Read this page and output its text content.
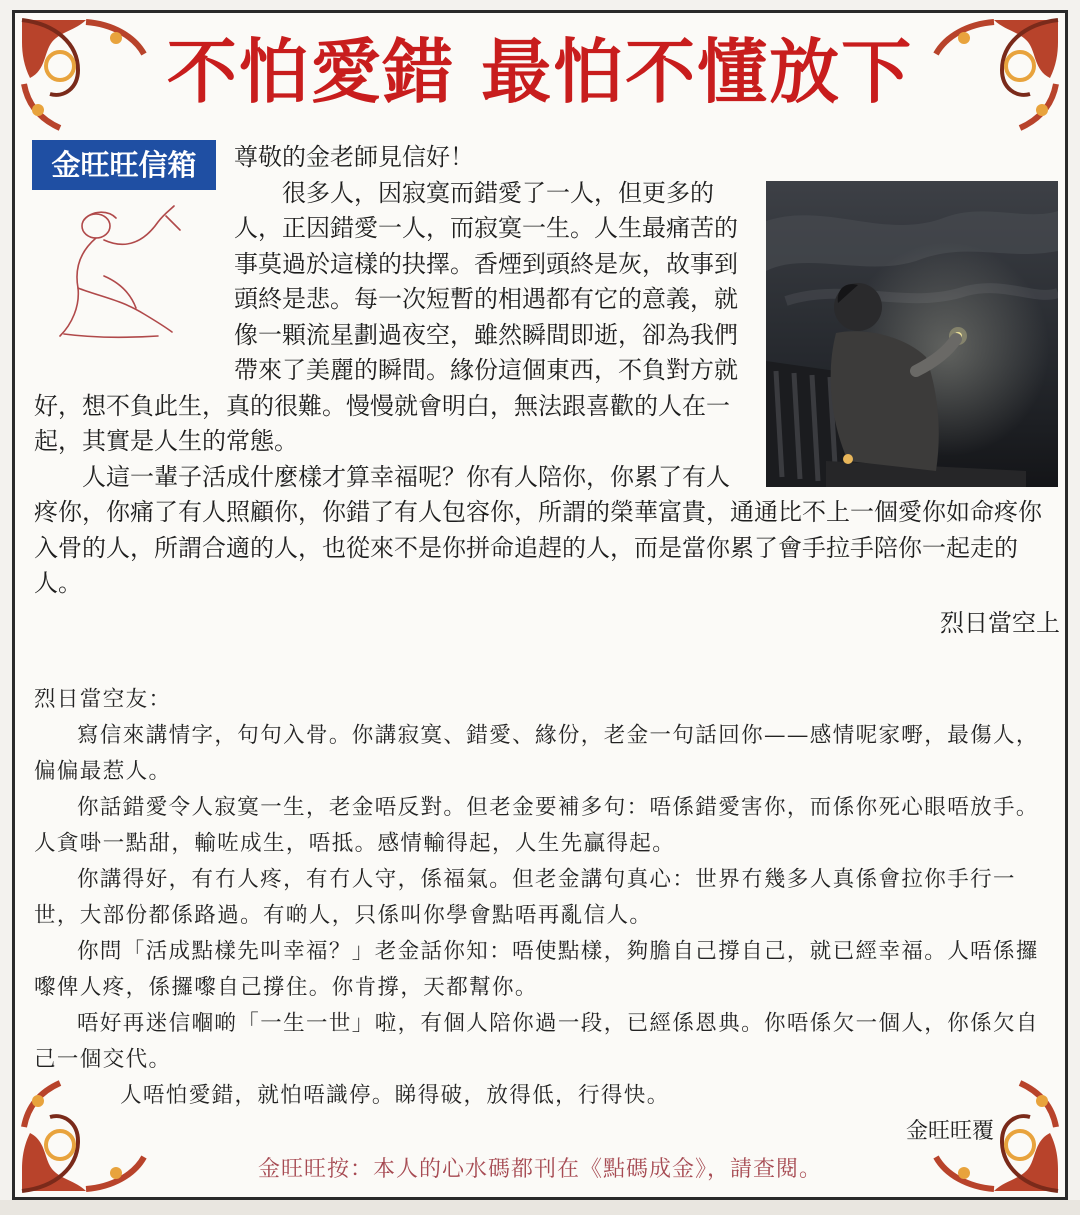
不怕愛錯 最怕不懂放下
金旺旺信箱	尊敬的金老師見信好！

很多人，因寂寞而錯愛了一人，但更多的人，正因錯愛一人，而寂寞一生。人生最痛苦的事莫過於這樣的抉擇。香煙到頭終是灰，故事到頭終是悲。每一次短暫的相遇都有它的意義，就像一顆流星劃過夜空，雖然瞬間即逝，卻為我們帶來了美麗的瞬間。緣份這個東西，不負對方就好，想不負此生，真的很難。慢慢就會明白，無法跟喜歡的人在一起，其實是人生的常態。

人這一輩子活成什麼樣才算幸福呢？你有人陪你，你累了有人疼你，你痛了有人照顧你，你錯了有人包容你，所謂的榮華富貴，通通比不上一個愛你如命疼你入骨的人，所謂合適的人，也從來不是你拼命追趕的人，而是當你累了會手拉手陪你一起走的人。

烈日當空上

烈日當空友：

寫信來講情字，句句入骨。你講寂寞、錯愛、緣份，老金一句話回你——感情呢家嘢，最傷人，偏偏最惹人。

你話錯愛令人寂寞一生，老金唔反對。但老金要補多句：唔係錯愛害你，而係你死心眼唔放手。人貪啩一點甜，輸咗成生，唔抵。感情輸得起，人生先贏得起。

你講得好，有冇人疼，有冇人守，係福氣。但老金講句真心：世界冇幾多人真係會拉你手行一世，大部份都係路過。有啲人，只係叫你學會點唔再亂信人。

你問「活成點樣先叫幸福？」老金話你知：唔使點樣，夠膽自己撐自己，就已經幸福。人唔係攞嚟俾人疼，係攞嚟自己撐住。你肯撐，天都幫你。

唔好再迷信嗰啲「一生一世」啦，有個人陪你過一段，已經係恩典。你唔係欠一個人，你係欠自己一個交代。

人唔怕愛錯，就怕唔識停。睇得破，放得低，行得快。

金旺旺覆
金旺旺按：本人的心水碼都刊在《點碼成金》，請查閱。
